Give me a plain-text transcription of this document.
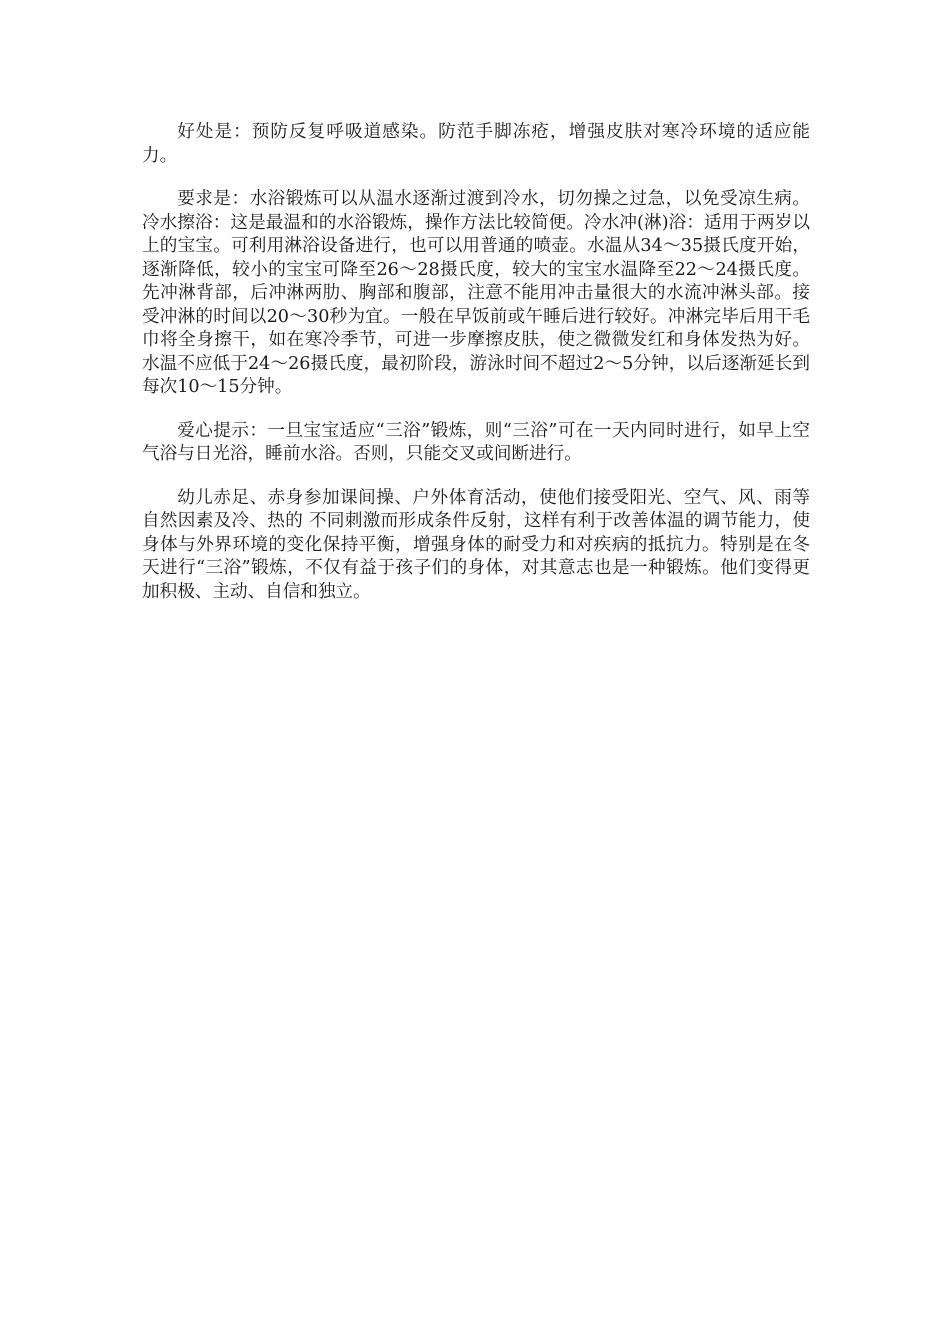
好处是：预防反复呼吸道感染。防范手脚冻疮，增强皮肤对寒冷环境的适应能力。

要求是：水浴锻炼可以从温水逐渐过渡到冷水，切勿操之过急，以免受凉生病。冷水擦浴：这是最温和的水浴锻炼，操作方法比较简便。冷水冲(淋)浴：适用于两岁以上的宝宝。可利用淋浴设备进行，也可以用普通的喷壶。水温从34～35摄氏度开始，逐渐降低，较小的宝宝可降至26～28摄氏度，较大的宝宝水温降至22～24摄氏度。先冲淋背部，后冲淋两肋、胸部和腹部，注意不能用冲击量很大的水流冲淋头部。接受冲淋的时间以20～30秒为宜。一般在早饭前或午睡后进行较好。冲淋完毕后用干毛巾将全身擦干，如在寒冷季节，可进一步摩擦皮肤，使之微微发红和身体发热为好。水温不应低于24～26摄氏度，最初阶段，游泳时间不超过2～5分钟，以后逐渐延长到每次10～15分钟。

爱心提示：一旦宝宝适应“三浴”锻炼，则“三浴”可在一天内同时进行，如早上空气浴与日光浴，睡前水浴。否则，只能交叉或间断进行。

幼儿赤足、赤身参加课间操、户外体育活动，使他们接受阳光、空气、风、雨等自然因素及冷、热的 不同刺激而形成条件反射，这样有利于改善体温的调节能力，使身体与外界环境的变化保持平衡，增强身体的耐受力和对疾病的抵抗力。特别是在冬天进行“三浴”锻炼，不仅有益于孩子们的身体，对其意志也是一种锻炼。他们变得更加积极、主动、自信和独立。
